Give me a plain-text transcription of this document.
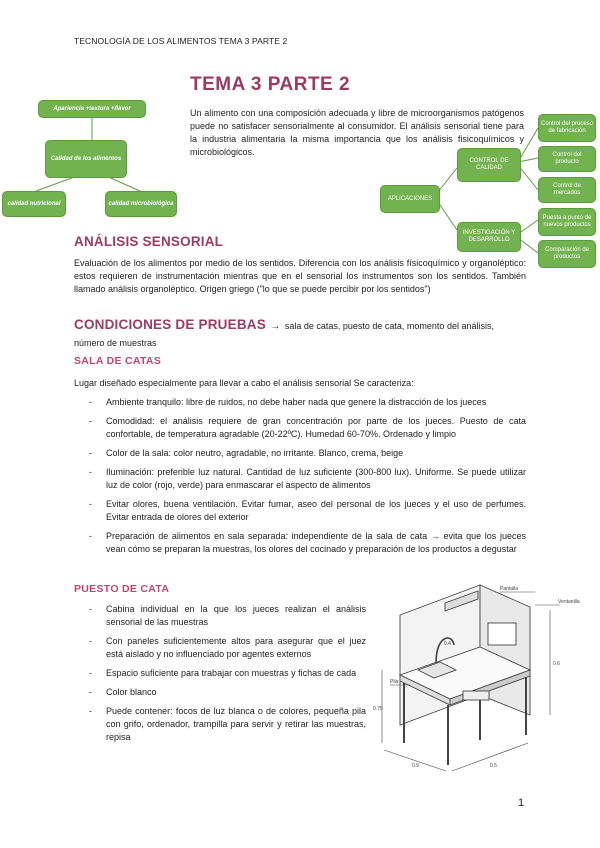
TECNOLOGÍA DE LOS ALIMENTOS TEMA 3 PARTE 2
Apariencia +textura +flavor
Calidad de los alimentos
calidad nutricional	calidad microbiológica
TEMA 3 PARTE 2
Un alimento con una composición adecuada y libre de microorganismos patógenos puede no satisfacer sensorialmente al consumidor. El análisis sensorial tiene para la industria alimentaria la misma importancia que los análisis fisicoquímicos y microbiológicos.
APLICACIONES
CONTROL DE CALIDAD
INVESTIGACIÓN Y DESARROLLO
Control del proceso de fabricación
Control del producto
Control de mercados
Puesta a punto de nuevos productos
Comparación de productos
ANÁLISIS SENSORIAL
Evaluación de los alimentos por medio de los sentidos. Diferencia con los análisis físicoquímico y organoléptico: estos requieren de instrumentación mientras que en el sensorial los instrumentos son los sentidos. También llamado análisis organoléptico. Origen griego ("lo que se puede percibir por los sentidos")
CONDICIONES DE PRUEBAS → sala de catas, puesto de cata, momento del análisis, número de muestras
SALA DE CATAS
Lugar diseñado especialmente para llevar a cabo el análisis sensorial Se caracteriza:
- Ambiente tranquilo: libre de ruidos, no debe haber nada que genere la distracción de los jueces
- Comodidad: el análisis requiere de gran concentración por parte de los jueces. Puesto de cata confortable, de temperatura agradable (20-22ºC). Humedad 60-70%. Ordenado y limpio
- Color de la sala: color neutro, agradable, no irritante. Blanco, crema, beige
- Iluminación: preferible luz natural. Cantidad de luz suficiente (300-800 lux). Uniforme. Se puede utilizar luz de color (rojo, verde) para enmascarar el aspecto de alimentos
- Evitar olores, buena ventilación. Evitar fumar, aseo del personal de los jueces y el uso de perfumes. Evitar entrada de olores del exterior
- Preparación de alimentos en sala separada: independiente de la sala de cata → evita que los jueces vean cómo se preparan la muestras, los olores del cocinado y preparación de los productos a degustar
PUESTO DE CATA
- Cabina individual en la que los jueces realizan el análisis sensorial de las muestras
- Con paneles suficientemente altos para asegurar que el juez está aislado y no influenciado por agentes externos
- Espacio suficiente para trabajar con muestras y fichas de cada
- Color blanco
- Puede contener: focos de luz blanca o de colores, pequeña pila con grifo, ordenador, trampilla para servir y retirar las muestras, repisa
Pantalla
Ventanilla
Pila
0.75
0.9	0.5
0.6
0.4
1
